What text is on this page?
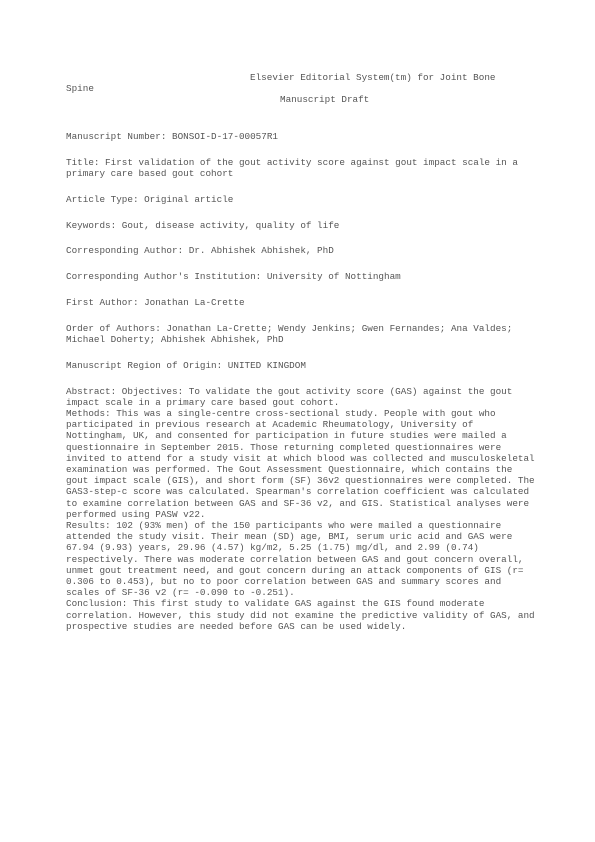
Elsevier Editorial System(tm) for Joint Bone
Spine
Manuscript Draft
Manuscript Number: BONSOI-D-17-00057R1
Title: First validation of the gout activity score against gout impact scale in a primary care based gout cohort
Article Type: Original article
Keywords: Gout, disease activity, quality of life
Corresponding Author: Dr. Abhishek Abhishek, PhD
Corresponding Author's Institution: University of Nottingham
First Author: Jonathan La-Crette
Order of Authors: Jonathan La-Crette; Wendy Jenkins; Gwen Fernandes; Ana Valdes; Michael Doherty; Abhishek Abhishek, PhD
Manuscript Region of Origin: UNITED KINGDOM

Abstract: Objectives: To validate the gout activity score (GAS) against the gout impact scale in a primary care based gout cohort.

Methods: This was a single-centre cross-sectional study. People with gout who participated in previous research at Academic Rheumatology, University of Nottingham, UK, and consented for participation in future studies were mailed a questionnaire in September 2015. Those returning completed questionnaires were invited to attend for a study visit at which blood was collected and musculoskeletal examination was performed. The Gout Assessment Questionnaire, which contains the gout impact scale (GIS), and short form (SF) 36v2 questionnaires were completed. The GAS3-step-c score was calculated. Spearman's correlation coefficient was calculated to examine correlation between GAS and SF-36 v2, and GIS. Statistical analyses were performed using PASW v22.

Results: 102 (93% men) of the 150 participants who were mailed a questionnaire attended the study visit. Their mean (SD) age, BMI, serum uric acid and GAS were 67.94 (9.93) years, 29.96 (4.57) kg/m2, 5.25 (1.75) mg/dl, and 2.99 (0.74) respectively. There was moderate correlation between GAS and gout concern overall, unmet gout treatment need, and gout concern during an attack components of GIS (r= 0.306 to 0.453), but no to poor correlation between GAS and summary scores and scales of SF-36 v2 (r= -0.090 to -0.251).

Conclusion: This first study to validate GAS against the GIS found moderate correlation. However, this study did not examine the predictive validity of GAS, and prospective studies are needed before GAS can be used widely.
